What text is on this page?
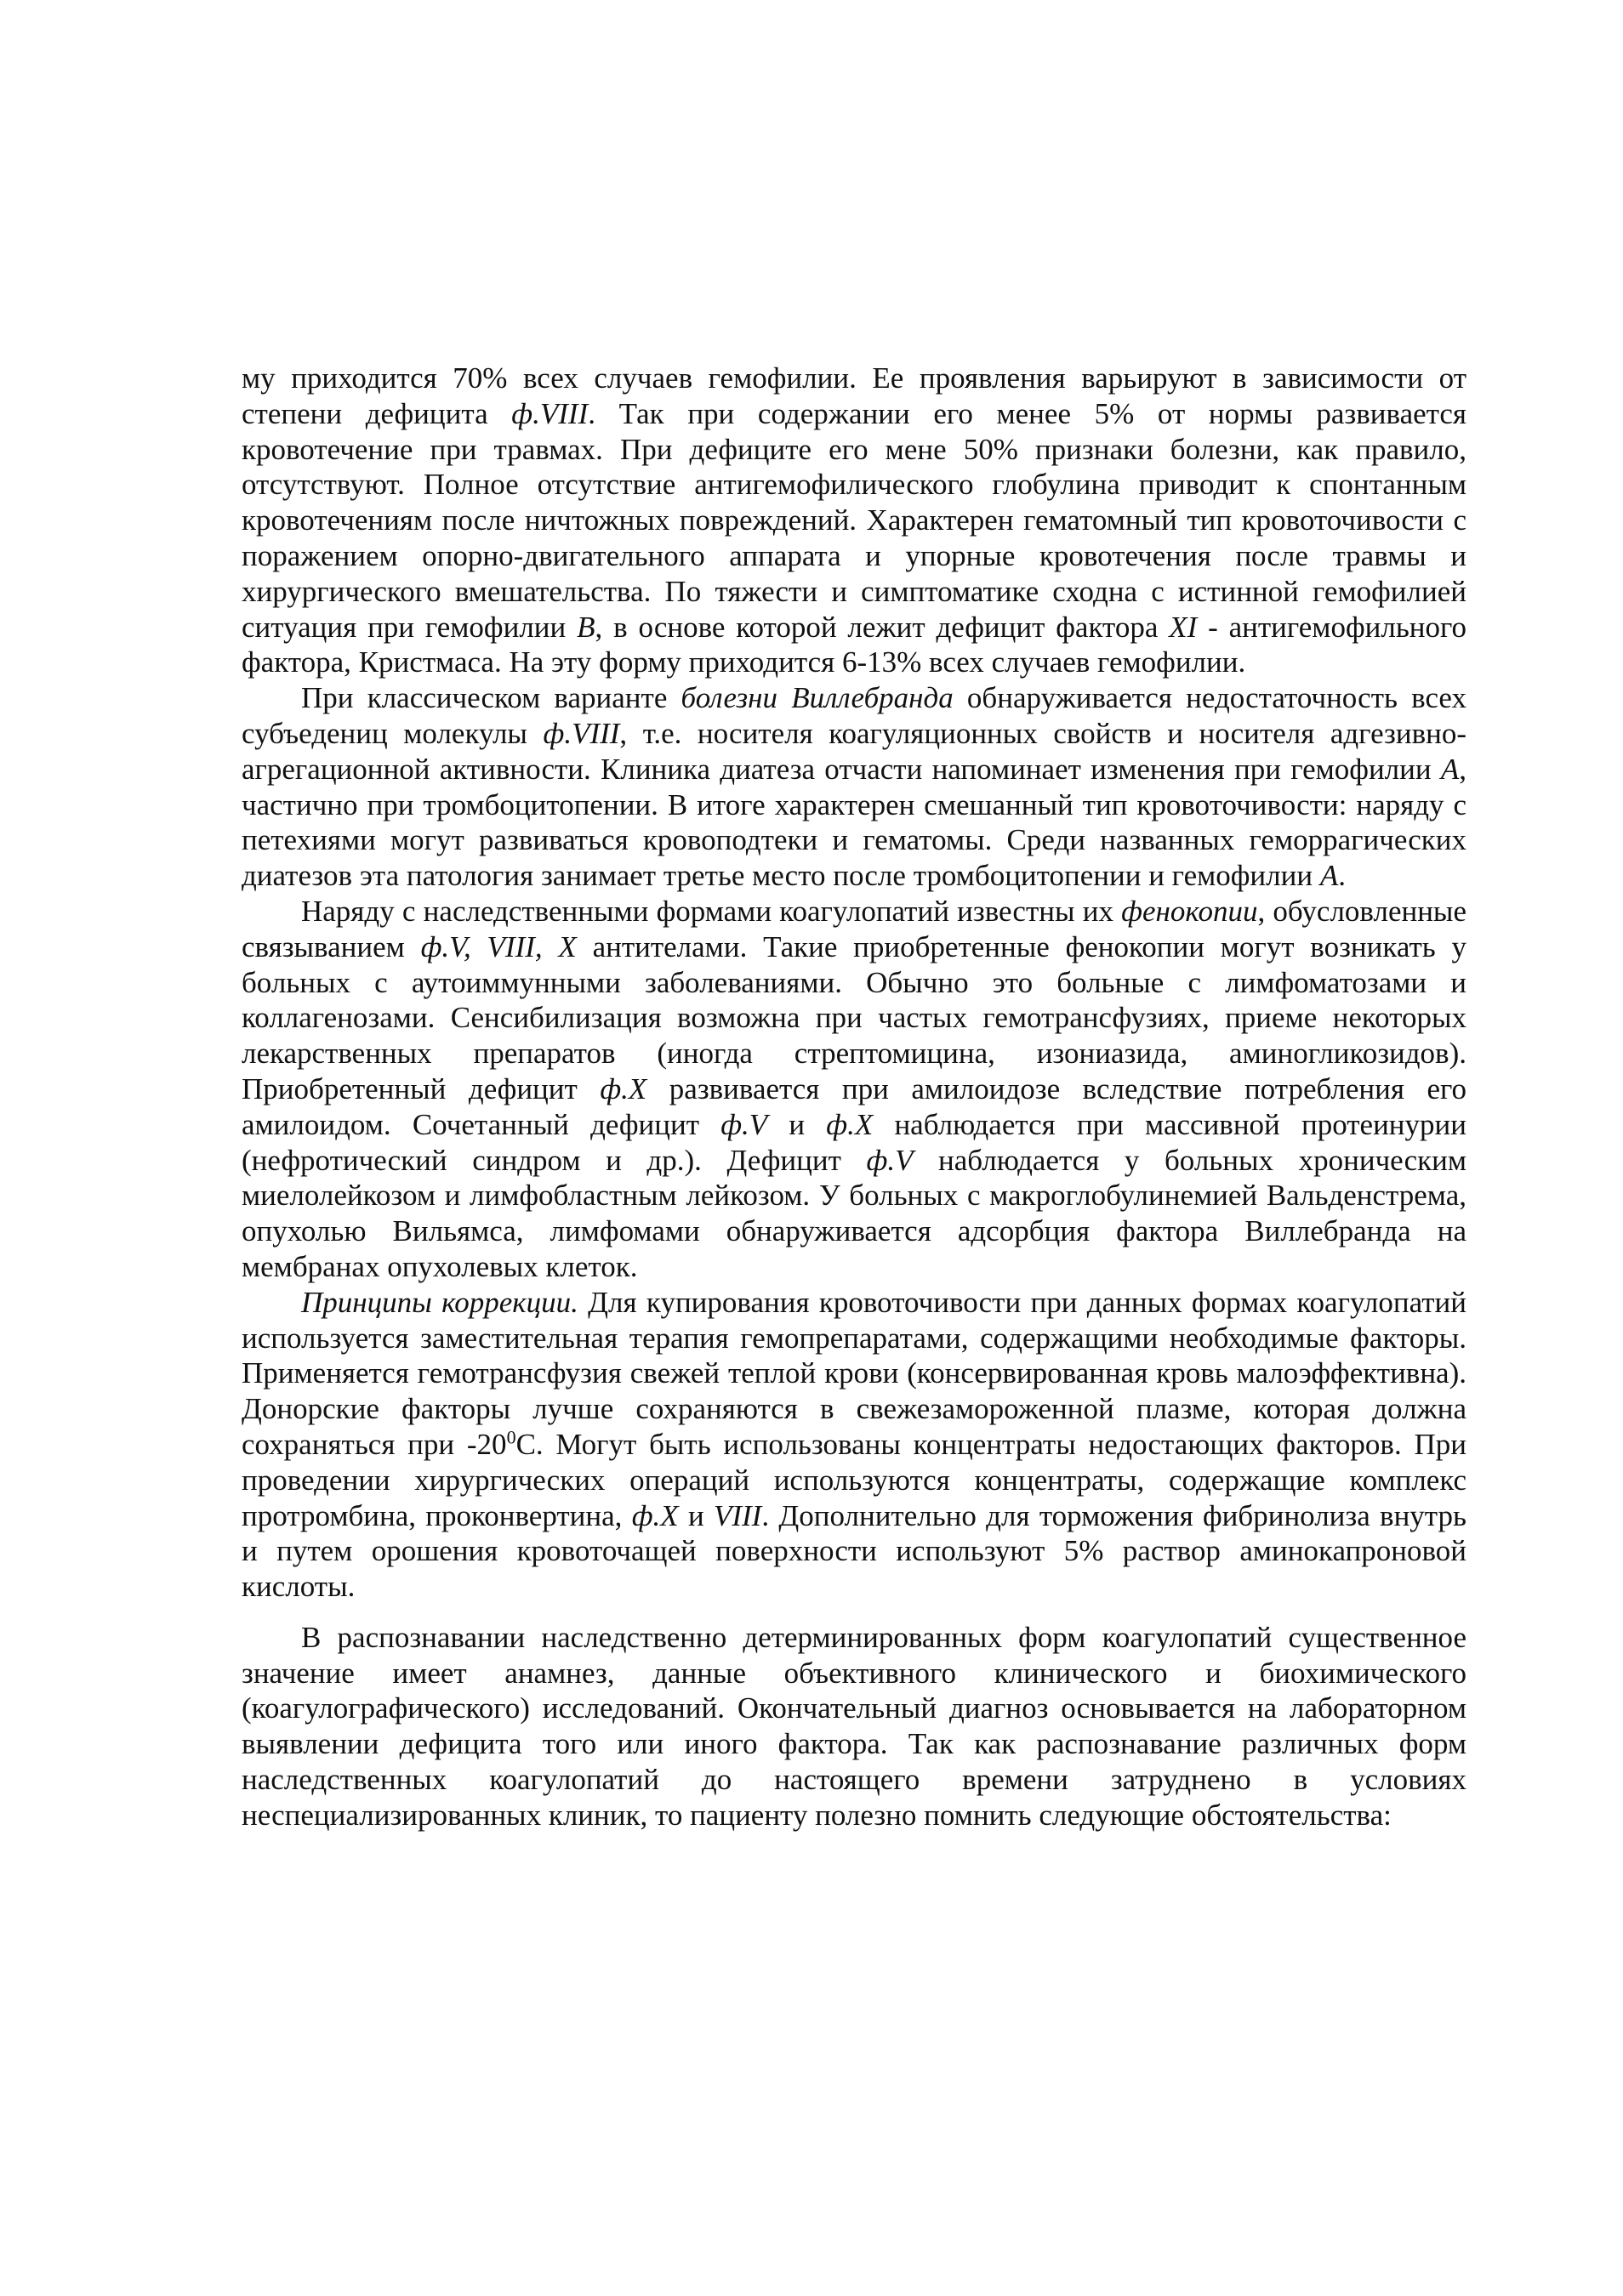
му приходится 70% всех случаев гемофилии. Ее проявления варьируют в зависимости от степени дефицита ф.VIII. Так при содержании его менее 5% от нормы развивается кровотечение при травмах. При дефиците его мене 50% признаки болезни, как правило, отсутствуют. Полное отсутствие антигемофилического глобулина приводит к спонтанным кровотечениям после ничтожных повреждений. Характерен гематомный тип кровоточивости с поражением опорно-двигательного аппарата и упорные кровотечения после травмы и хирургического вмешательства. По тяжести и симптоматике сходна с истинной гемофилией ситуация при гемофилии В, в основе которой лежит дефицит фактора XI - антигемофильного фактора, Кристмаса. На эту форму приходится 6-13% всех случаев гемофилии.

При классическом варианте болезни Виллебранда обнаруживается недостаточность всех субъедениц молекулы ф.VIII, т.е. носителя коагуляционных свойств и носителя адгезивно-агрегационной активности. Клиника диатеза отчасти напоминает изменения при гемофилии А, частично при тромбоцитопении. В итоге характерен смешанный тип кровоточивости: наряду с петехиями могут развиваться кровоподтеки и гематомы. Среди названных геморрагических диатезов эта патология занимает третье место после тромбоцитопении и гемофилии А.

Наряду с наследственными формами коагулопатий известны их фенокопии, обусловленные связыванием ф.V, VIII, X антителами. Такие приобретенные фенокопии могут возникать у больных с аутоиммунными заболеваниями. Обычно это больные с лимфоматозами и коллагенозами. Сенсибилизация возможна при частых гемотрансфузиях, приеме некоторых лекарственных препаратов (иногда стрептомицина, изониазида, аминогликозидов). Приобретенный дефицит ф.X развивается при амилоидозе вследствие потребления его амилоидом. Сочетанный дефицит ф.V и ф.X наблюдается при массивной протеинурии (нефротический синдром и др.). Дефицит ф.V наблюдается у больных хроническим миелолейкозом и лимфобластным лейкозом. У больных с макроглобулинемией Вальденстрема, опухолью Вильямса, лимфомами обнаруживается адсорбция фактора Виллебранда на мембранах опухолевых клеток.

Принципы коррекции. Для купирования кровоточивости при данных формах коагулопатий используется заместительная терапия гемопрепаратами, содержащими необходимые факторы. Применяется гемотрансфузия свежей теплой крови (консервированная кровь малоэффективна). Донорские факторы лучше сохраняются в свежезамороженной плазме, которая должна сохраняться при $-20^0С$. Могут быть использованы концентраты недостающих факторов. При проведении хирургических операций используются концентраты, содержащие комплекс протромбина, проконвертина, ф.X и VIII. Дополнительно для торможения фибринолиза внутрь и путем орошения кровоточащей поверхности используют 5% раствор аминокапроновой кислоты.

В распознавании наследственно детерминированных форм коагулопатий существенное значение имеет анамнез, данные объективного клинического и биохимического (коагулографического) исследований. Окончательный диагноз основывается на лабораторном выявлении дефицита того или иного фактора. Так как распознавание различных форм наследственных коагулопатий до настоящего времени затруднено в условиях неспециализированных клиник, то пациенту полезно помнить следующие обстоятельства:
